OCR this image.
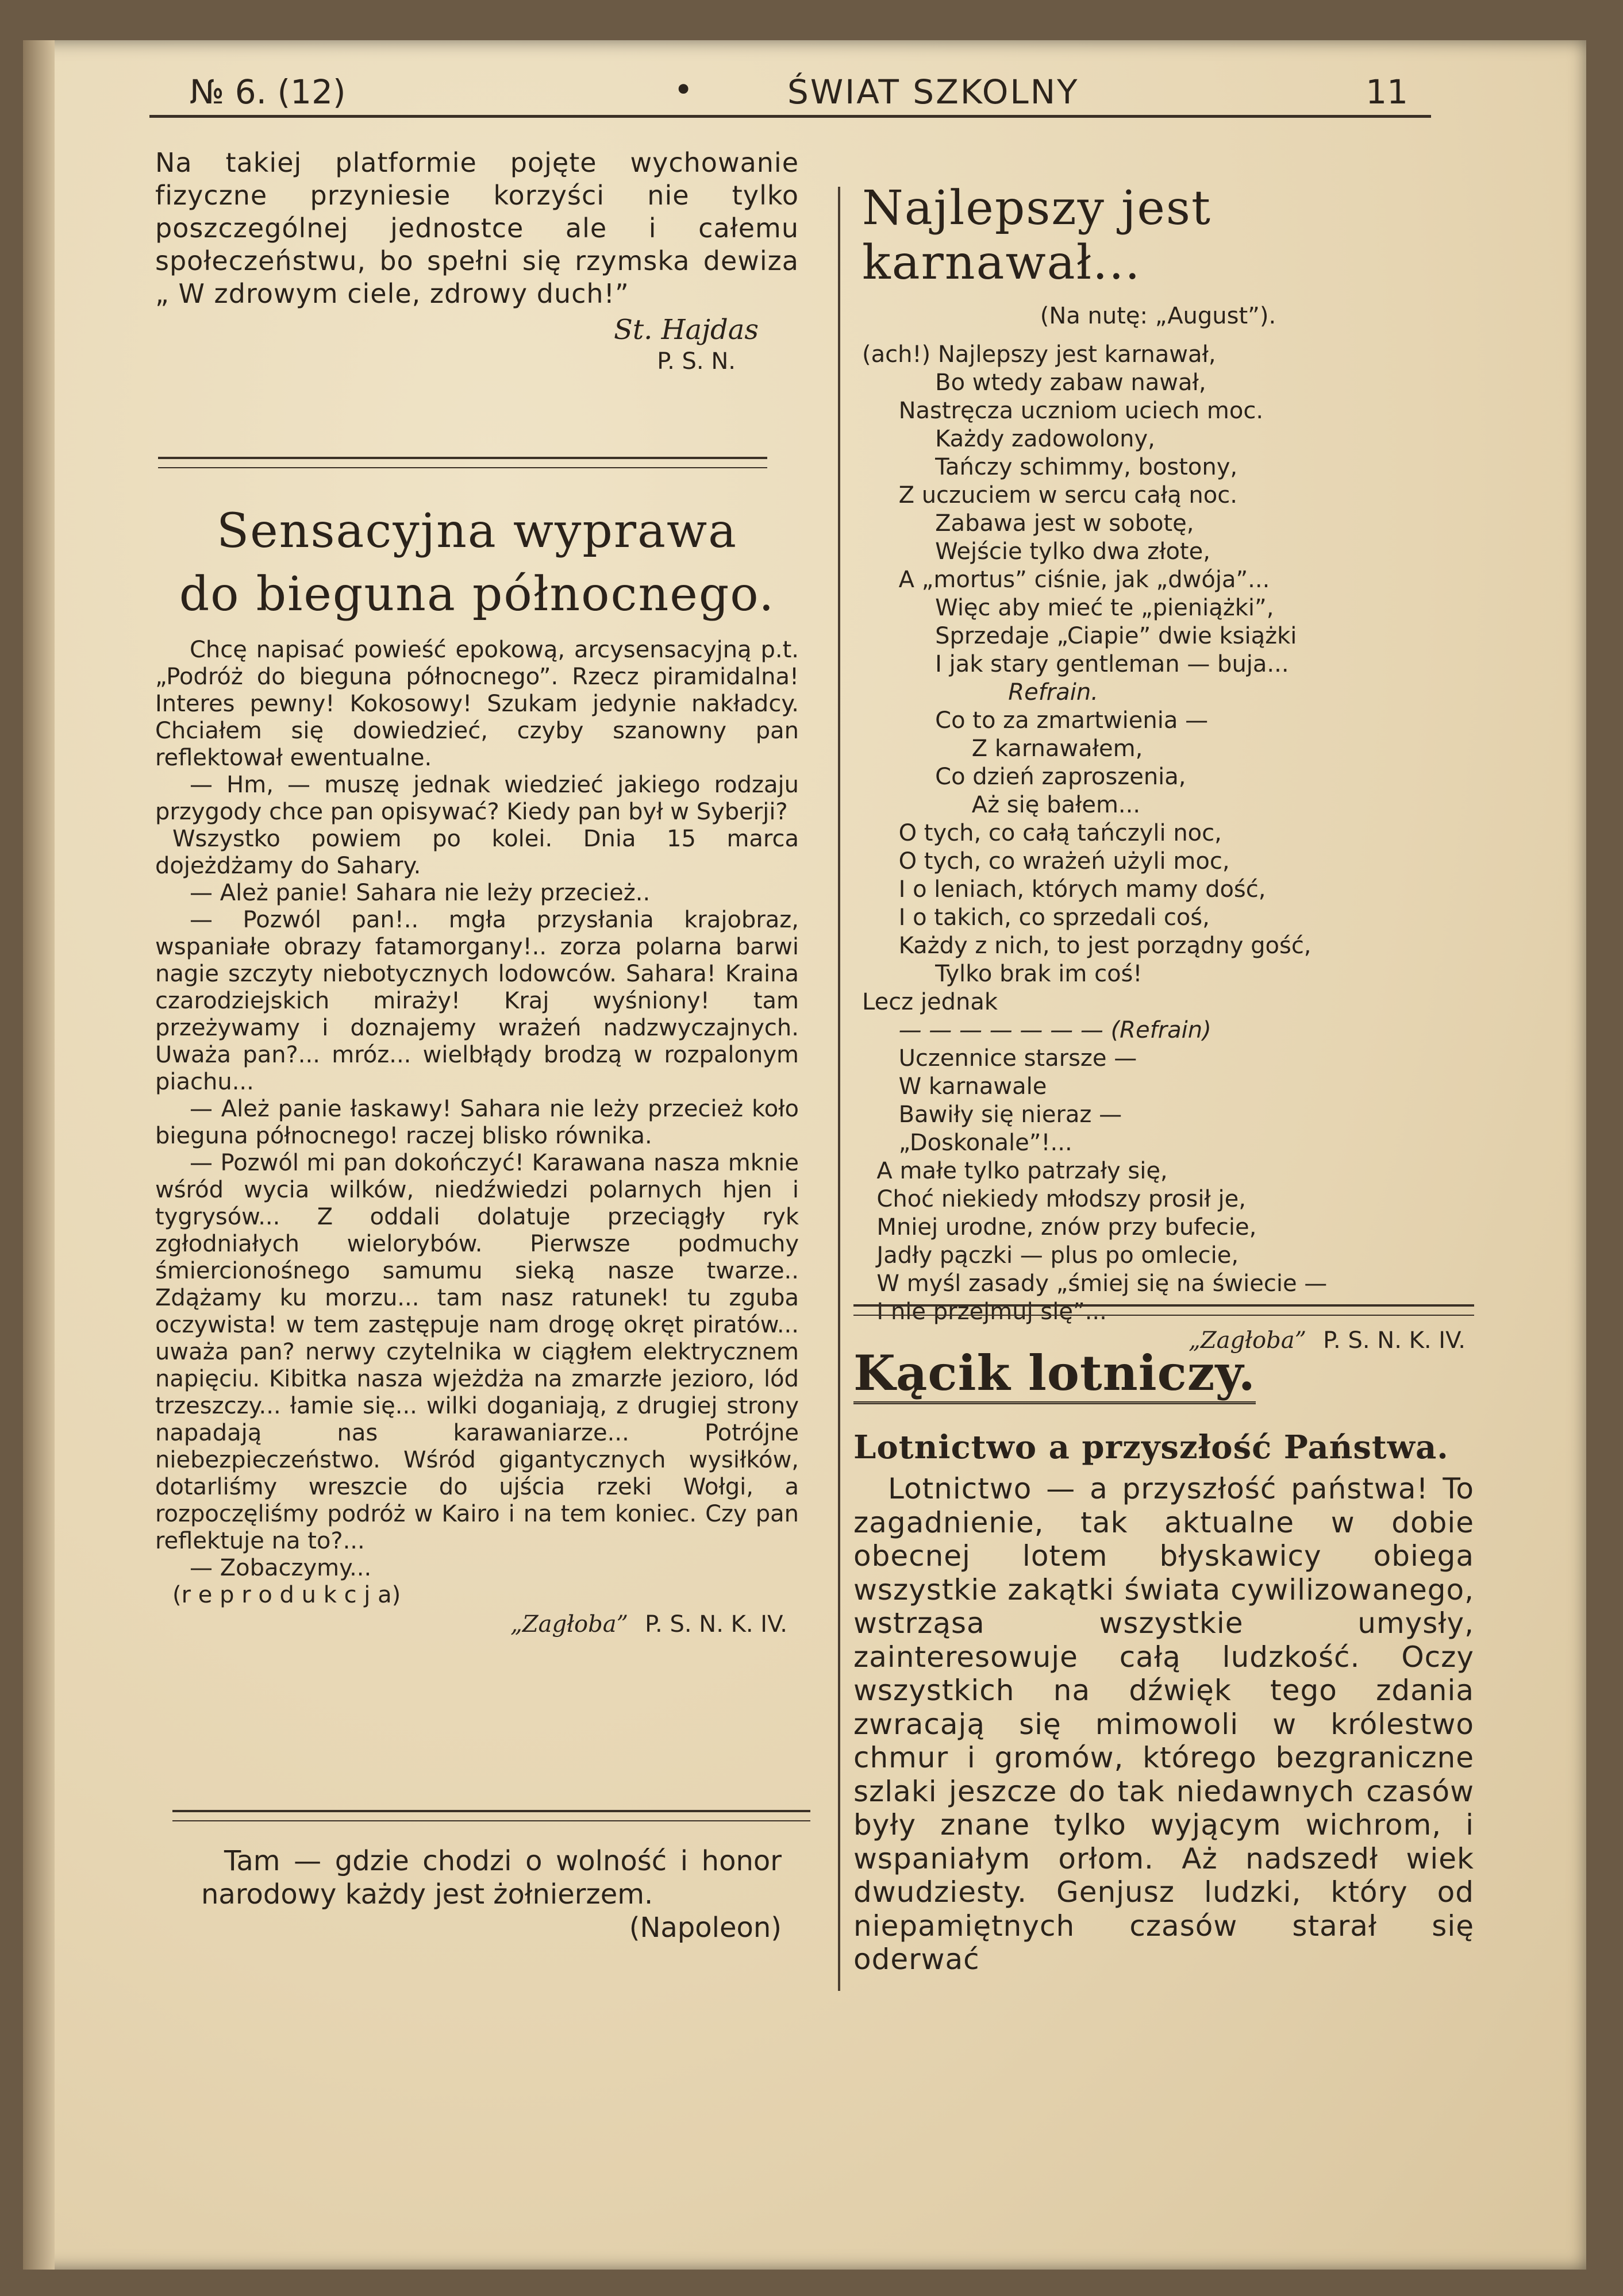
№ 6. (12)	•	ŚWIAT SZKOLNY	11

Na takiej platformie pojęte wychowanie fizyczne przyniesie korzyści nie tylko poszczególnej jednostce ale i całemu społeczeństwu, bo spełni się rzymska dewiza „ W zdrowym ciele, zdrowy duch!”

St. Hajdas
P. S. N.
Sensacyjna wyprawa
do bieguna północnego.

Chcę napisać powieść epokową, arcysensacyjną p.t. „Podróż do bieguna północnego”. Rzecz piramidalna! Interes pewny! Kokosowy! Szukam jedynie nakładcy. Chciałem się dowiedzieć, czyby szanowny pan reflektował ewentualne.

— Hm, — muszę jednak wiedzieć jakiego rodzaju przygody chce pan opisywać? Kiedy pan był w Syberji?

Wszystko powiem po kolei. Dnia 15 marca dojeżdżamy do Sahary.

— Ależ panie! Sahara nie leży przecież..

— Pozwól pan!.. mgła przysłania krajobraz, wspaniałe obrazy fatamorgany!.. zorza polarna barwi nagie szczyty niebotycznych lodowców. Sahara! Kraina czarodziejskich miraży! Kraj wyśniony! tam przeżywamy i doznajemy wrażeń nadzwyczajnych. Uważa pan?... mróz... wielbłądy brodzą w rozpalonym piachu...

— Ależ panie łaskawy! Sahara nie leży przecież koło bieguna północnego! raczej blisko równika.

— Pozwól mi pan dokończyć! Karawana nasza mknie wśród wycia wilków, niedźwiedzi polarnych hjen i tygrysów... Z oddali dolatuje przeciągły ryk zgłodniałych wielorybów. Pierwsze podmuchy śmiercionośnego samumu sieką nasze twarze.. Zdążamy ku morzu... tam nasz ratunek! tu zguba oczywista! w tem zastępuje nam drogę okręt piratów... uważa pan? nerwy czytelnika w ciągłem elektrycznem napięciu. Kibitka nasza wjeżdża na zmarzłe jezioro, lód trzeszczy... łamie się... wilki doganiają, z drugiej strony napadają nas karawaniarze... Potrójne niebezpieczeństwo. Wśród gigantycznych wysiłków, dotarliśmy wreszcie do ujścia rzeki Wołgi, a rozpoczęliśmy podróż w Kairo i na tem koniec. Czy pan reflektuje na to?...

— Zobaczymy...

(r e p r o d u k c j a)

„Zagłoba” P. S. N. K. IV.

Tam — gdzie chodzi o wolność i honor narodowy każdy jest żołnierzem.

(Napoleon)
Najlepszy jest karnawał...
(Na nutę: „August”).
(ach!) Najlepszy jest karnawał,
Bo wtedy zabaw nawał,
Nastręcza uczniom uciech moc.
Każdy zadowolony,
Tańczy schimmy, bostony,
Z uczuciem w sercu całą noc.
Zabawa jest w sobotę,
Wejście tylko dwa złote,
A „mortus” ciśnie, jak „dwója”...
Więc aby mieć te „pieniążki”,
Sprzedaje „Ciapie” dwie książki
I jak stary gentleman — buja...
Refrain.
Co to za zmartwienia —
Z karnawałem,
Co dzień zaproszenia,
Aż się bałem...
O tych, co całą tańczyli noc,
O tych, co wrażeń użyli moc,
I o leniach, których mamy dość,
I o takich, co sprzedali coś,
Każdy z nich, to jest porządny gość,
Tylko brak im coś!
Lecz jednak
— — — — — — — (Refrain)
Uczennice starsze —
W karnawale
Bawiły się nieraz —
„Doskonale”!...
A małe tylko patrzały się,
Choć niekiedy młodszy prosił je,
Mniej urodne, znów przy bufecie,
Jadły pączki — plus po omlecie,
W myśl zasady „śmiej się na świecie —
I nie przejmuj się”...
„Zagłoba” P. S. N. K. IV.
Kącik lotniczy.
Lotnictwo a przyszłość Państwa.

Lotnictwo — a przyszłość państwa! To zagadnienie, tak aktualne w dobie obecnej lotem błyskawicy obiega wszystkie zakątki świata cywilizowanego, wstrząsa wszystkie umysły, zainteresowuje całą ludzkość. Oczy wszystkich na dźwięk tego zdania zwracają się mimowoli w królestwo chmur i gromów, którego bezgraniczne szlaki jeszcze do tak niedawnych czasów były znane tylko wyjącym wichrom, i wspaniałym orłom. Aż nadszedł wiek dwudziesty. Genjusz ludzki, który od niepamiętnych czasów starał się oderwać
